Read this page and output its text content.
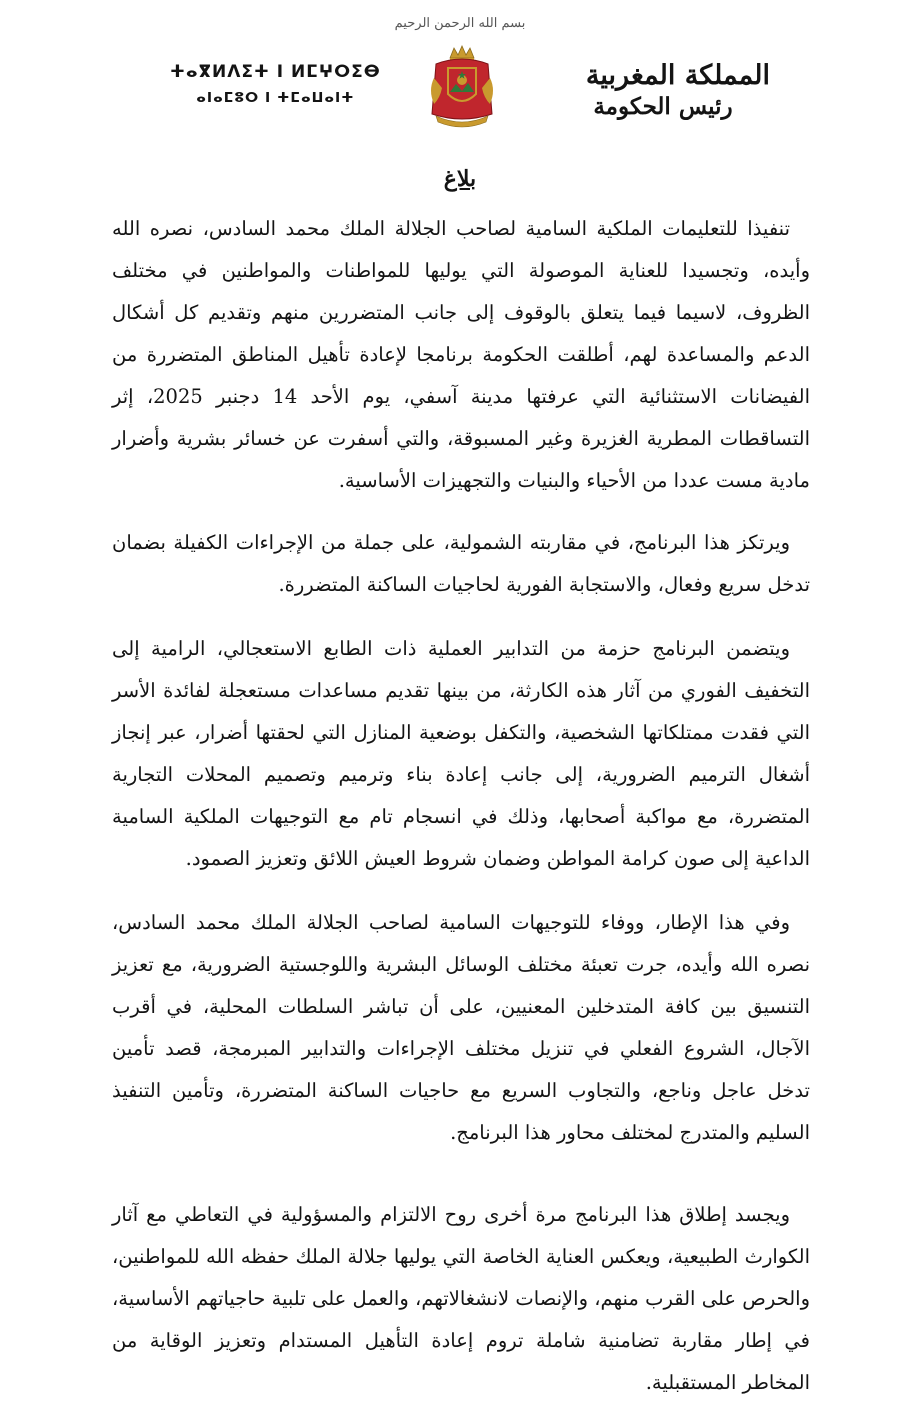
بسم الله الرحمن الرحيم
المملكة المغربية
رئيس الحكومة
ⵜⴰⴳⵍⴷⵉⵜ ⵏ ⵍⵎⵖⵔⵉⴱ
ⴰⵏⴰⵎⵓⵔ ⵏ ⵜⵎⴰⵡⴰⵏⵜ
بلاغ

تنفيذا للتعليمات الملكية السامية لصاحب الجلالة الملك محمد السادس، نصره الله وأيده، وتجسيدا للعناية الموصولة التي يوليها للمواطنات والمواطنين في مختلف الظروف، لاسيما فيما يتعلق بالوقوف إلى جانب المتضررين منهم وتقديم كل أشكال الدعم والمساعدة لهم، أطلقت الحكومة برنامجا لإعادة تأهيل المناطق المتضررة من الفيضانات الاستثنائية التي عرفتها مدينة آسفي، يوم الأحد 14 دجنبر 2025، إثر التساقطات المطرية الغزيرة وغير المسبوقة، والتي أسفرت عن خسائر بشرية وأضرار مادية مست عددا من الأحياء والبنيات والتجهيزات الأساسية.

ويرتكز هذا البرنامج، في مقاربته الشمولية، على جملة من الإجراءات الكفيلة بضمان تدخل سريع وفعال، والاستجابة الفورية لحاجيات الساكنة المتضررة.

ويتضمن البرنامج حزمة من التدابير العملية ذات الطابع الاستعجالي، الرامية إلى التخفيف الفوري من آثار هذه الكارثة، من بينها تقديم مساعدات مستعجلة لفائدة الأسر التي فقدت ممتلكاتها الشخصية، والتكفل بوضعية المنازل التي لحقتها أضرار، عبر إنجاز أشغال الترميم الضرورية، إلى جانب إعادة بناء وترميم وتصميم المحلات التجارية المتضررة، مع مواكبة أصحابها، وذلك في انسجام تام مع التوجيهات الملكية السامية الداعية إلى صون كرامة المواطن وضمان شروط العيش اللائق وتعزيز الصمود.

وفي هذا الإطار، ووفاء للتوجيهات السامية لصاحب الجلالة الملك محمد السادس، نصره الله وأيده، جرت تعبئة مختلف الوسائل البشرية واللوجستية الضرورية، مع تعزيز التنسيق بين كافة المتدخلين المعنيين، على أن تباشر السلطات المحلية، في أقرب الآجال، الشروع الفعلي في تنزيل مختلف الإجراءات والتدابير المبرمجة، قصد تأمين تدخل عاجل وناجع، والتجاوب السريع مع حاجيات الساكنة المتضررة، وتأمين التنفيذ السليم والمتدرج لمختلف محاور هذا البرنامج.

ويجسد إطلاق هذا البرنامج مرة أخرى روح الالتزام والمسؤولية في التعاطي مع آثار الكوارث الطبيعية، ويعكس العناية الخاصة التي يوليها جلالة الملك حفظه الله للمواطنين، والحرص على القرب منهم، والإنصات لانشغالاتهم، والعمل على تلبية حاجياتهم الأساسية، في إطار مقاربة تضامنية شاملة تروم إعادة التأهيل المستدام وتعزيز الوقاية من المخاطر المستقبلية.
